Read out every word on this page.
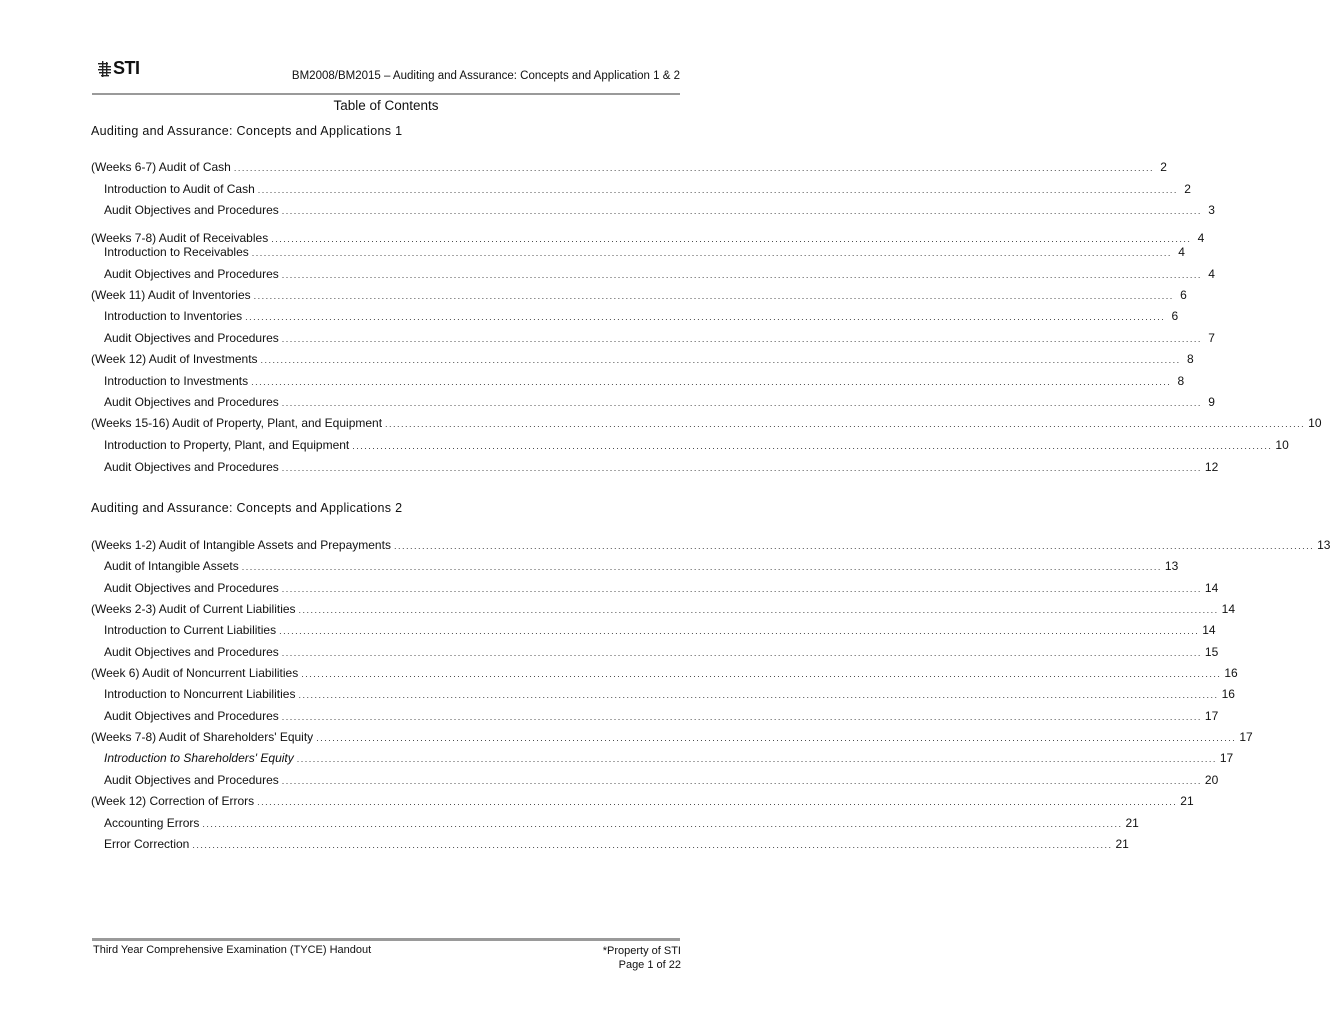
STI	BM2008/BM2015 – Auditing and Assurance: Concepts and Application 1 & 2
Table of Contents
Auditing and Assurance: Concepts and Applications 1
(Weeks 6-7) Audit of Cash ...................................................................................................................................................................................................................................... 2
Introduction to Audit of Cash ...................................................................................................................................................................................................................................... 2
Audit Objectives and Procedures ...................................................................................................................................................................................................................................... 3
(Weeks 7-8) Audit of Receivables ...................................................................................................................................................................................................................................... 4
Introduction to Receivables ...................................................................................................................................................................................................................................... 4
Audit Objectives and Procedures ...................................................................................................................................................................................................................................... 4
(Week 11) Audit of Inventories ...................................................................................................................................................................................................................................... 6
Introduction to Inventories ...................................................................................................................................................................................................................................... 6
Audit Objectives and Procedures ...................................................................................................................................................................................................................................... 7
(Week 12) Audit of Investments ...................................................................................................................................................................................................................................... 8
Introduction to Investments ...................................................................................................................................................................................................................................... 8
Audit Objectives and Procedures ...................................................................................................................................................................................................................................... 9
(Weeks 15-16) Audit of Property, Plant, and Equipment ...................................................................................................................................................................................................................................... 10
Introduction to Property, Plant, and Equipment ...................................................................................................................................................................................................................................... 10
Audit Objectives and Procedures ...................................................................................................................................................................................................................................... 12
Auditing and Assurance: Concepts and Applications 2
(Weeks 1-2) Audit of Intangible Assets and Prepayments ...................................................................................................................................................................................................................................... 13
Audit of Intangible Assets ...................................................................................................................................................................................................................................... 13
Audit Objectives and Procedures ...................................................................................................................................................................................................................................... 14
(Weeks 2-3) Audit of Current Liabilities ...................................................................................................................................................................................................................................... 14
Introduction to Current Liabilities ...................................................................................................................................................................................................................................... 14
Audit Objectives and Procedures ...................................................................................................................................................................................................................................... 15
(Week 6) Audit of Noncurrent Liabilities ...................................................................................................................................................................................................................................... 16
Introduction to Noncurrent Liabilities ...................................................................................................................................................................................................................................... 16
Audit Objectives and Procedures ...................................................................................................................................................................................................................................... 17
(Weeks 7-8) Audit of Shareholders' Equity ...................................................................................................................................................................................................................................... 17
Introduction to Shareholders' Equity ...................................................................................................................................................................................................................................... 17
Audit Objectives and Procedures ...................................................................................................................................................................................................................................... 20
(Week 12) Correction of Errors ...................................................................................................................................................................................................................................... 21
Accounting Errors ...................................................................................................................................................................................................................................... 21
Error Correction ...................................................................................................................................................................................................................................... 21
Third Year Comprehensive Examination (TYCE) Handout	*Property of STI
Page 1 of 22
